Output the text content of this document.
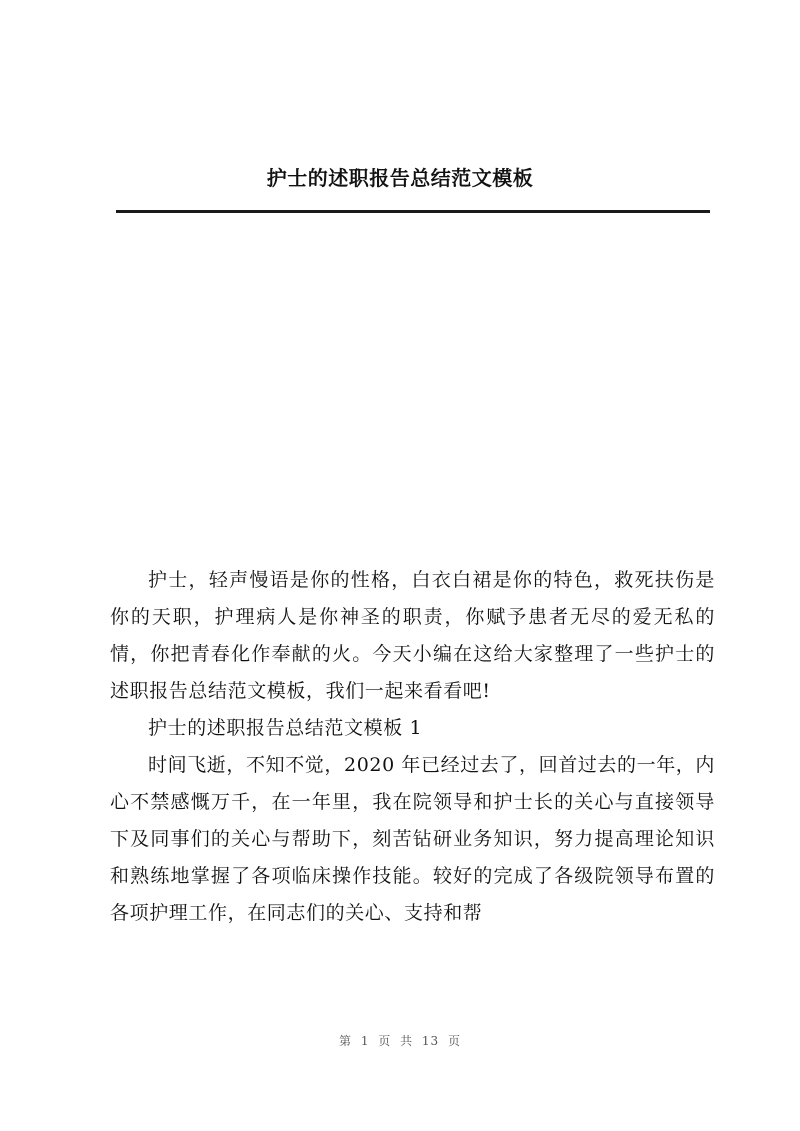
护士的述职报告总结范文模板

护士，轻声慢语是你的性格，白衣白裙是你的特色，救死扶伤是你的天职，护理病人是你神圣的职责，你赋予患者无尽的爱无私的情，你把青春化作奉献的火。今天小编在这给大家整理了一些护士的述职报告总结范文模板，我们一起来看看吧!

护士的述职报告总结范文模板 1

时间飞逝，不知不觉，2020 年已经过去了，回首过去的一年，内心不禁感慨万千，在一年里，我在院领导和护士长的关心与直接领导下及同事们的关心与帮助下，刻苦钻研业务知识，努力提高理论知识和熟练地掌握了各项临床操作技能。较好的完成了各级院领导布置的各项护理工作，在同志们的关心、支持和帮

第 1 页 共 13 页
